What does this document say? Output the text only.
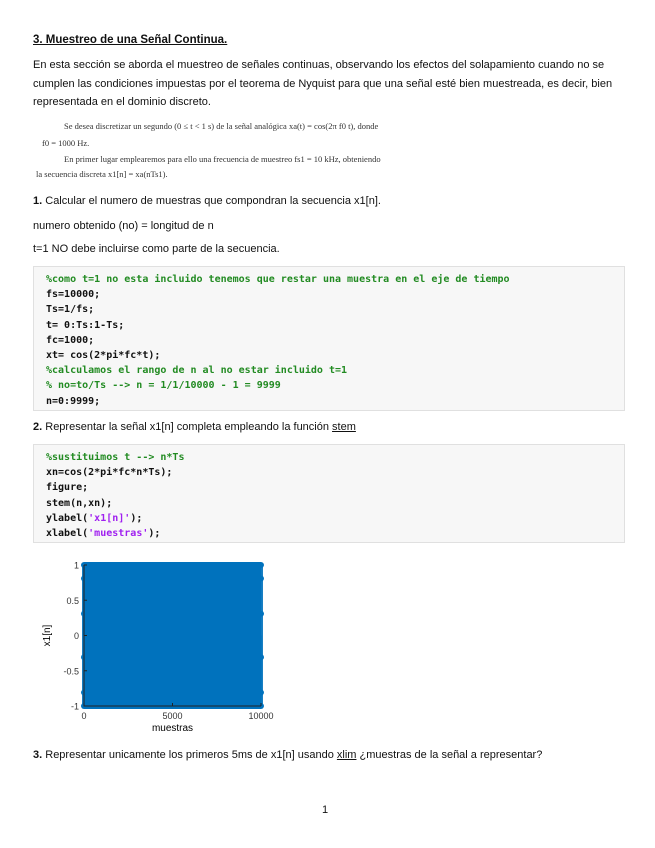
3. Muestreo de una Señal Continua.
En esta sección se aborda el muestreo de señales continuas, observando los efectos del solapamiento cuando no se cumplen las condiciones impuestas por el teorema de Nyquist para que una señal esté bien muestreada, es decir, bien representada en el dominio discreto.
Se desea discretizar un segundo (0 ≤ t < 1 s) de la señal analógica xa(t) = cos(2π f0 t), donde
f0 = 1000 Hz.
En primer lugar emplearemos para ello una frecuencia de muestreo fs1 = 10 kHz, obteniendo
la secuencia discreta x1[n] = xa(nTs1).
1. Calcular el numero de muestras que compondran la secuencia x1[n].
numero obtenido (no) = longitud de n
t=1 NO debe incluirse como parte de la secuencia.
%como t=1 no esta incluido tenemos que restar una muestra en el eje de tiempo
fs=10000;
Ts=1/fs;
t= 0:Ts:1-Ts;
fc=1000;
xt= cos(2*pi*fc*t);
%calculamos el rango de n al no estar incluido t=1
% no=to/Ts --> n = 1/1/10000 - 1 = 9999
n=0:9999;
2. Representar la señal x1[n] completa empleando la función stem
%sustituimos t --> n*Ts
xn=cos(2*pi*fc*n*Ts);
figure;
stem(n,xn);
ylabel('x1[n]');
xlabel('muestras');
1
0.5
0
-0.5
-1
0	5000	10000
muestras
x1[n]
3. Representar unicamente los primeros 5ms de x1[n] usando xlim ¿muestras de la señal a representar?
1
